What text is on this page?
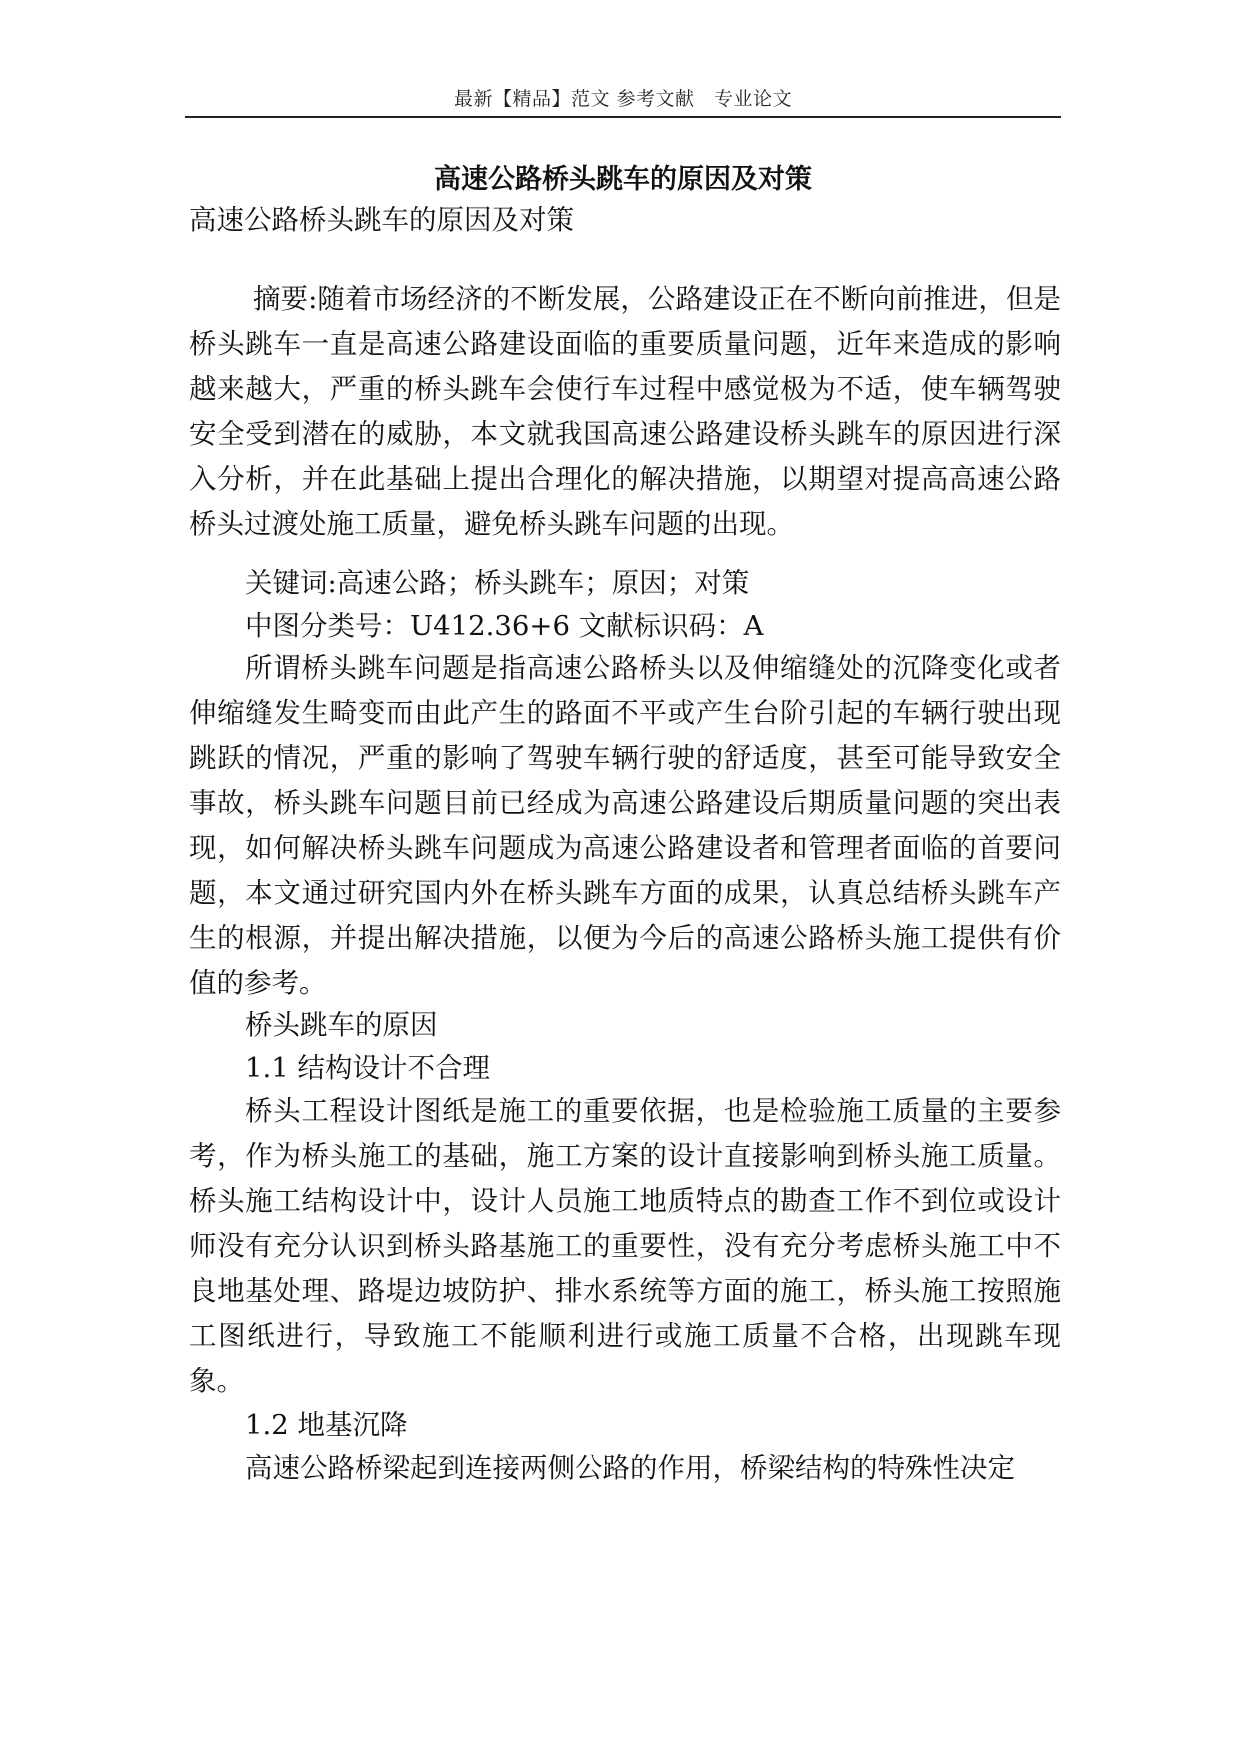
最新【精品】范文 参考文献　专业论文
高速公路桥头跳车的原因及对策
高速公路桥头跳车的原因及对策
摘要:随着市场经济的不断发展，公路建设正在不断向前推进，但是桥头跳车一直是高速公路建设面临的重要质量问题，近年来造成的影响越来越大，严重的桥头跳车会使行车过程中感觉极为不适，使车辆驾驶安全受到潜在的威胁，本文就我国高速公路建设桥头跳车的原因进行深入分析，并在此基础上提出合理化的解决措施，以期望对提高高速公路桥头过渡处施工质量，避免桥头跳车问题的出现。
关键词:高速公路；桥头跳车；原因；对策
中图分类号：U412.36+6 文献标识码：A
所谓桥头跳车问题是指高速公路桥头以及伸缩缝处的沉降变化或者伸缩缝发生畸变而由此产生的路面不平或产生台阶引起的车辆行驶出现跳跃的情况，严重的影响了驾驶车辆行驶的舒适度，甚至可能导致安全事故，桥头跳车问题目前已经成为高速公路建设后期质量问题的突出表现，如何解决桥头跳车问题成为高速公路建设者和管理者面临的首要问题，本文通过研究国内外在桥头跳车方面的成果，认真总结桥头跳车产生的根源，并提出解决措施，以便为今后的高速公路桥头施工提供有价值的参考。
桥头跳车的原因
1.1 结构设计不合理
桥头工程设计图纸是施工的重要依据，也是检验施工质量的主要参考，作为桥头施工的基础，施工方案的设计直接影响到桥头施工质量。桥头施工结构设计中，设计人员施工地质特点的勘查工作不到位或设计师没有充分认识到桥头路基施工的重要性，没有充分考虑桥头施工中不良地基处理、路堤边坡防护、排水系统等方面的施工，桥头施工按照施工图纸进行，导致施工不能顺利进行或施工质量不合格，出现跳车现象。
1.2 地基沉降
高速公路桥梁起到连接两侧公路的作用，桥梁结构的特殊性决定
